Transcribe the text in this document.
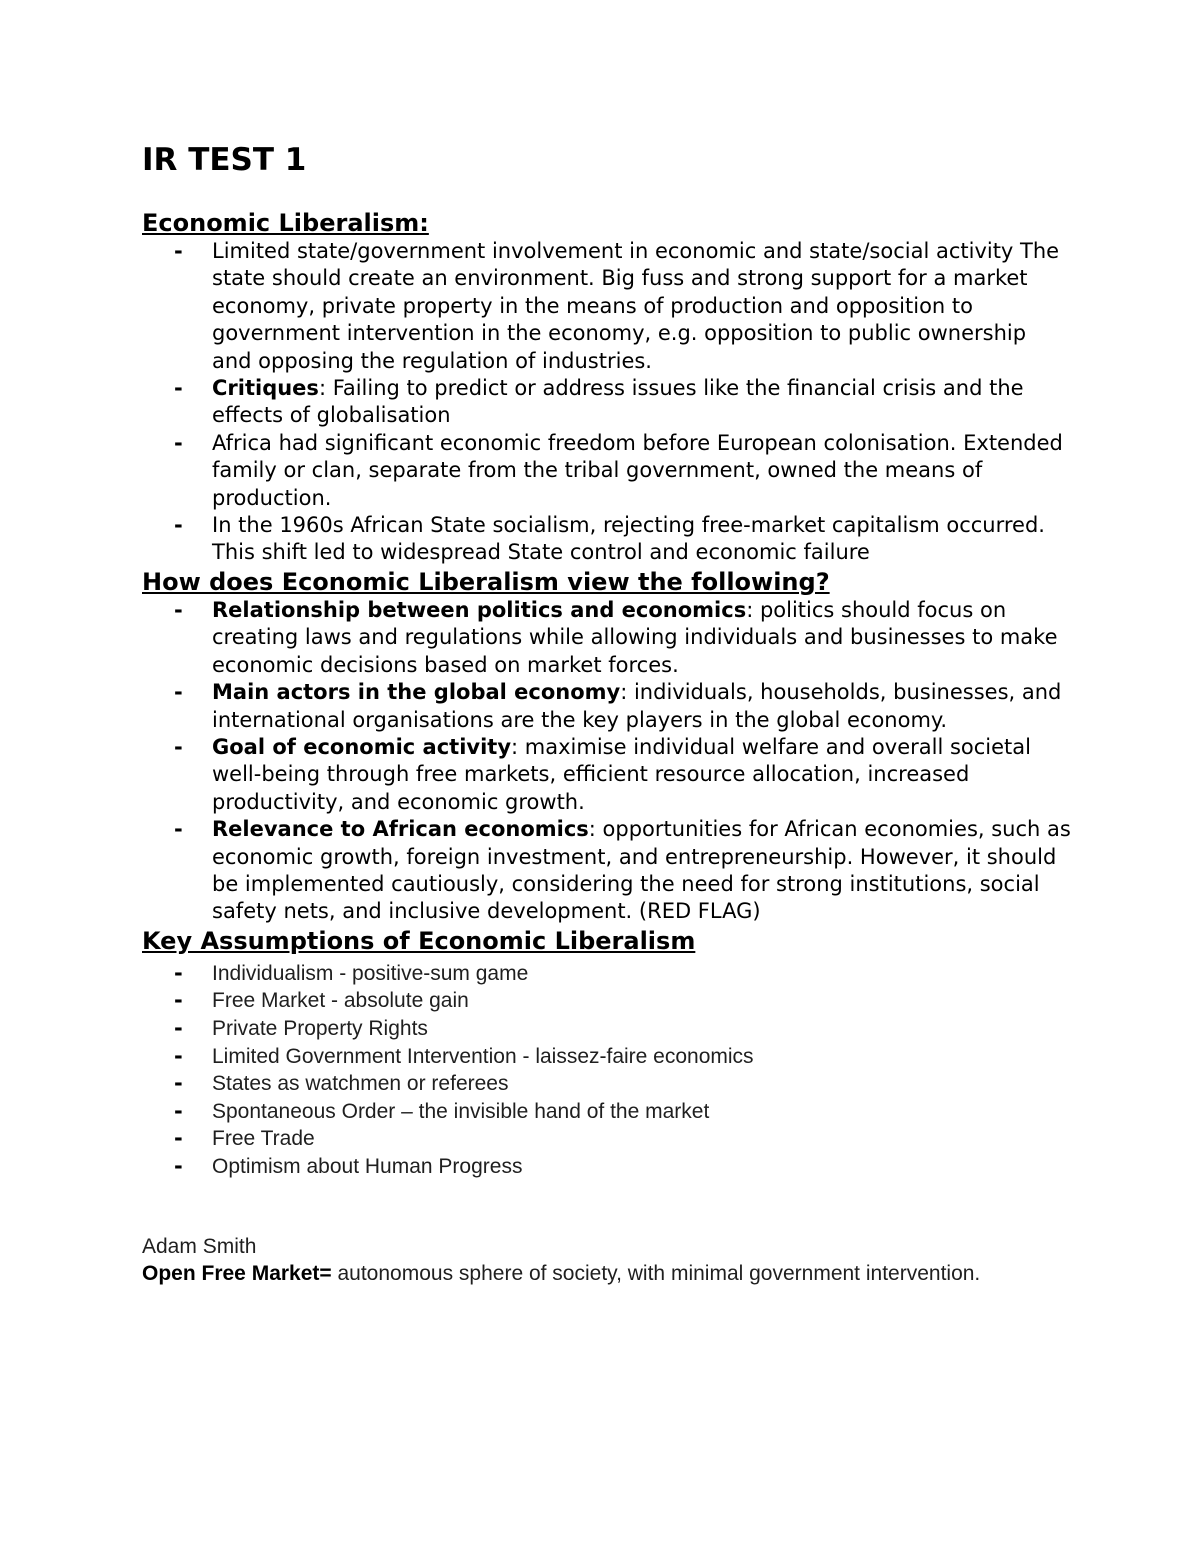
IR TEST 1
Economic Liberalism:
- Limited state/government involvement in economic and state/social activity The state should create an environment. Big fuss and strong support for a market economy, private property in the means of production and opposition to government intervention in the economy, e.g. opposition to public ownership and opposing the regulation of industries.
- Critiques: Failing to predict or address issues like the financial crisis and the effects of globalisation
- Africa had significant economic freedom before European colonisation. Extended family or clan, separate from the tribal government, owned the means of production.
- In the 1960s African State socialism, rejecting free-market capitalism occurred. This shift led to widespread State control and economic failure
How does Economic Liberalism view the following?
- Relationship between politics and economics: politics should focus on creating laws and regulations while allowing individuals and businesses to make economic decisions based on market forces.
- Main actors in the global economy: individuals, households, businesses, and international organisations are the key players in the global economy.
- Goal of economic activity: maximise individual welfare and overall societal well-being through free markets, efficient resource allocation, increased productivity, and economic growth.
- Relevance to African economics: opportunities for African economies, such as economic growth, foreign investment, and entrepreneurship. However, it should be implemented cautiously, considering the need for strong institutions, social safety nets, and inclusive development. (RED FLAG)
Key Assumptions of Economic Liberalism
- Individualism - positive-sum game
- Free Market - absolute gain
- Private Property Rights
- Limited Government Intervention - laissez-faire economics
- States as watchmen or referees
- Spontaneous Order – the invisible hand of the market
- Free Trade
- Optimism about Human Progress
Adam Smith
Open Free Market= autonomous sphere of society, with minimal government intervention.
